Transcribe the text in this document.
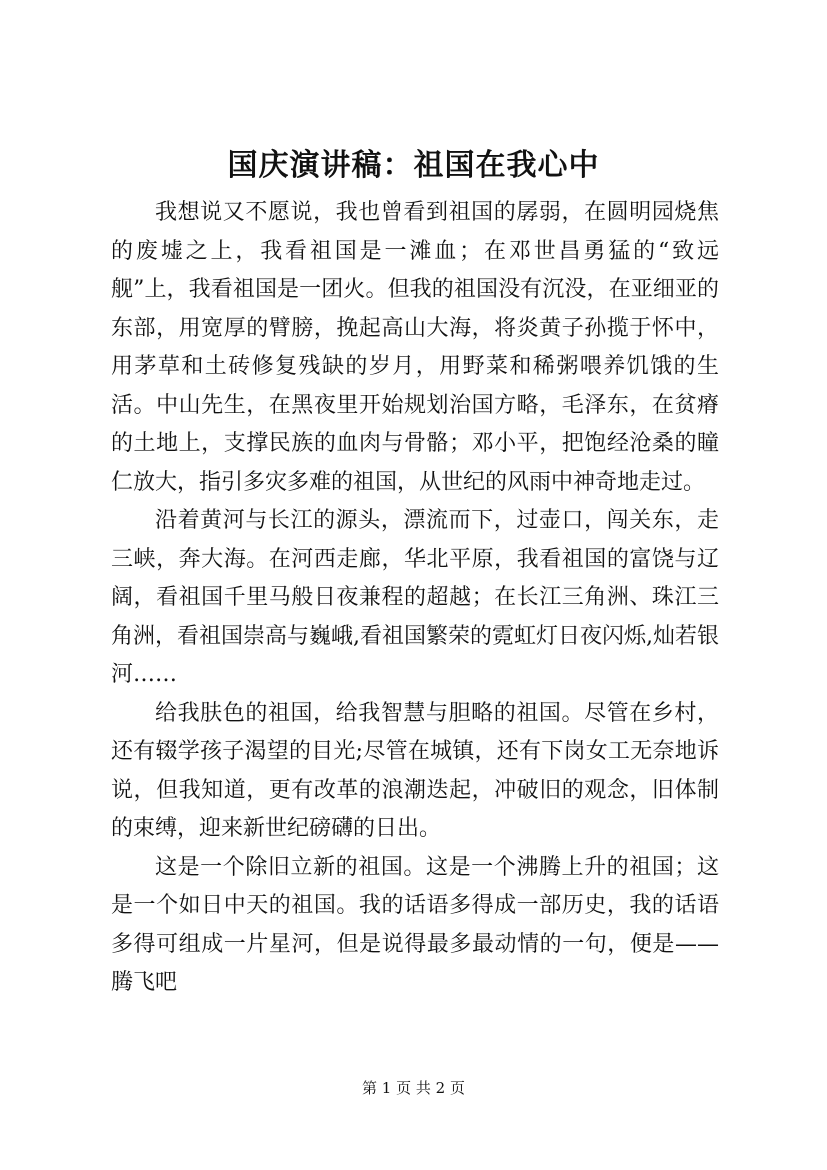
国庆演讲稿：祖国在我心中

我想说又不愿说，我也曾看到祖国的孱弱，在圆明园烧焦的废墟之上，我看祖国是一滩血；在邓世昌勇猛的“致远舰”上，我看祖国是一团火。但我的祖国没有沉没，在亚细亚的东部，用宽厚的臂膀，挽起高山大海，将炎黄子孙揽于怀中，用茅草和土砖修复残缺的岁月，用野菜和稀粥喂养饥饿的生活。中山先生，在黑夜里开始规划治国方略，毛泽东，在贫瘠的土地上，支撑民族的血肉与骨骼；邓小平，把饱经沧桑的瞳仁放大，指引多灾多难的祖国，从世纪的风雨中神奇地走过。

沿着黄河与长江的源头，漂流而下，过壶口，闯关东，走三峡，奔大海。在河西走廊，华北平原，我看祖国的富饶与辽阔，看祖国千里马般日夜兼程的超越；在长江三角洲、珠江三角洲，看祖国崇高与巍峨,看祖国繁荣的霓虹灯日夜闪烁,灿若银河……

给我肤色的祖国，给我智慧与胆略的祖国。尽管在乡村，还有辍学孩子渴望的目光;尽管在城镇，还有下岗女工无奈地诉说，但我知道，更有改革的浪潮迭起，冲破旧的观念，旧体制的束缚，迎来新世纪磅礴的日出。

这是一个除旧立新的祖国。这是一个沸腾上升的祖国；这是一个如日中天的祖国。我的话语多得成一部历史，我的话语多得可组成一片星河，但是说得最多最动情的一句，便是——腾飞吧

第 1 页 共 2 页
